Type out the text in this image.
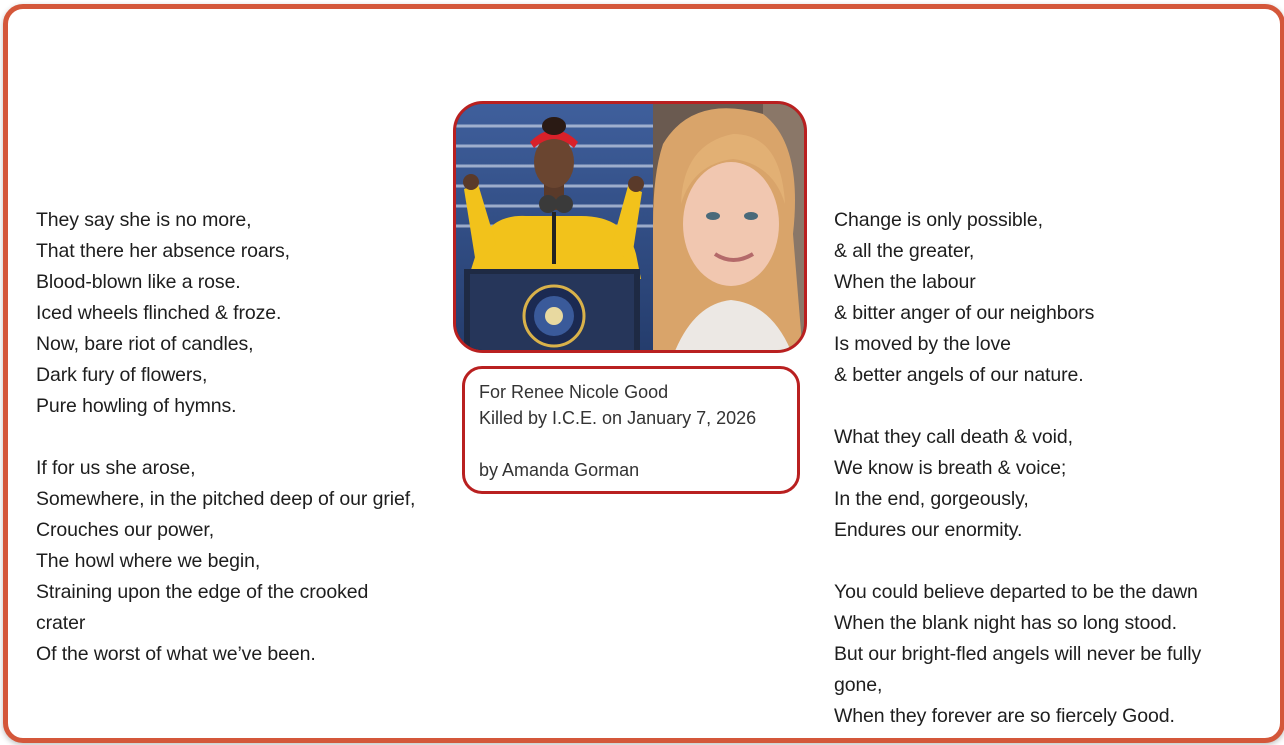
They say she is no more,
That there her absence roars,
Blood-blown like a rose.
Iced wheels flinched & froze.
Now, bare riot of candles,
Dark fury of flowers,
Pure howling of hymns.
If for us she arose,
Somewhere, in the pitched deep of our grief,
Crouches our power,
The howl where we begin,
Straining upon the edge of the crooked
crater
Of the worst of what we’ve been.
For Renee Nicole Good
Killed by I.C.E. on January 7, 2026
by Amanda Gorman
Change is only possible,
& all the greater,
When the labour
& bitter anger of our neighbors
Is moved by the love
& better angels of our nature.
What they call death & void,
We know is breath & voice;
In the end, gorgeously,
Endures our enormity.
You could believe departed to be the dawn
When the blank night has so long stood.
But our bright-fled angels will never be fully
gone,
When they forever are so fiercely Good.
